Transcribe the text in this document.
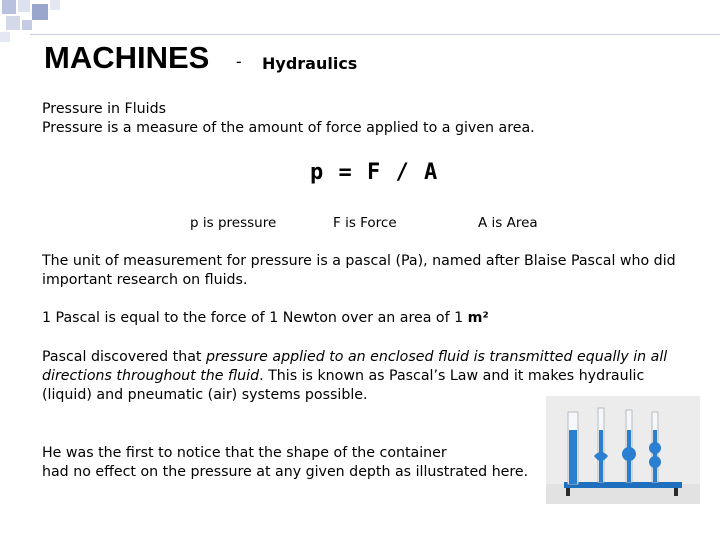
MACHINES - Hydraulics
Pressure in Fluids
Pressure is a measure of the amount of force applied to a given area.
p = F / A
p is pressure	F is Force	A is Area
The unit of measurement for pressure is a pascal (Pa), named after Blaise Pascal who did important research on fluids.
1 Pascal is equal to the force of 1 Newton over an area of 1 m²
Pascal discovered that pressure applied to an enclosed fluid is transmitted equally in all directions throughout the fluid. This is known as Pascal’s Law and it makes hydraulic (liquid) and pneumatic (air) systems possible.
He was the first to notice that the shape of the container
had no effect on the pressure at any given depth as illustrated here.
